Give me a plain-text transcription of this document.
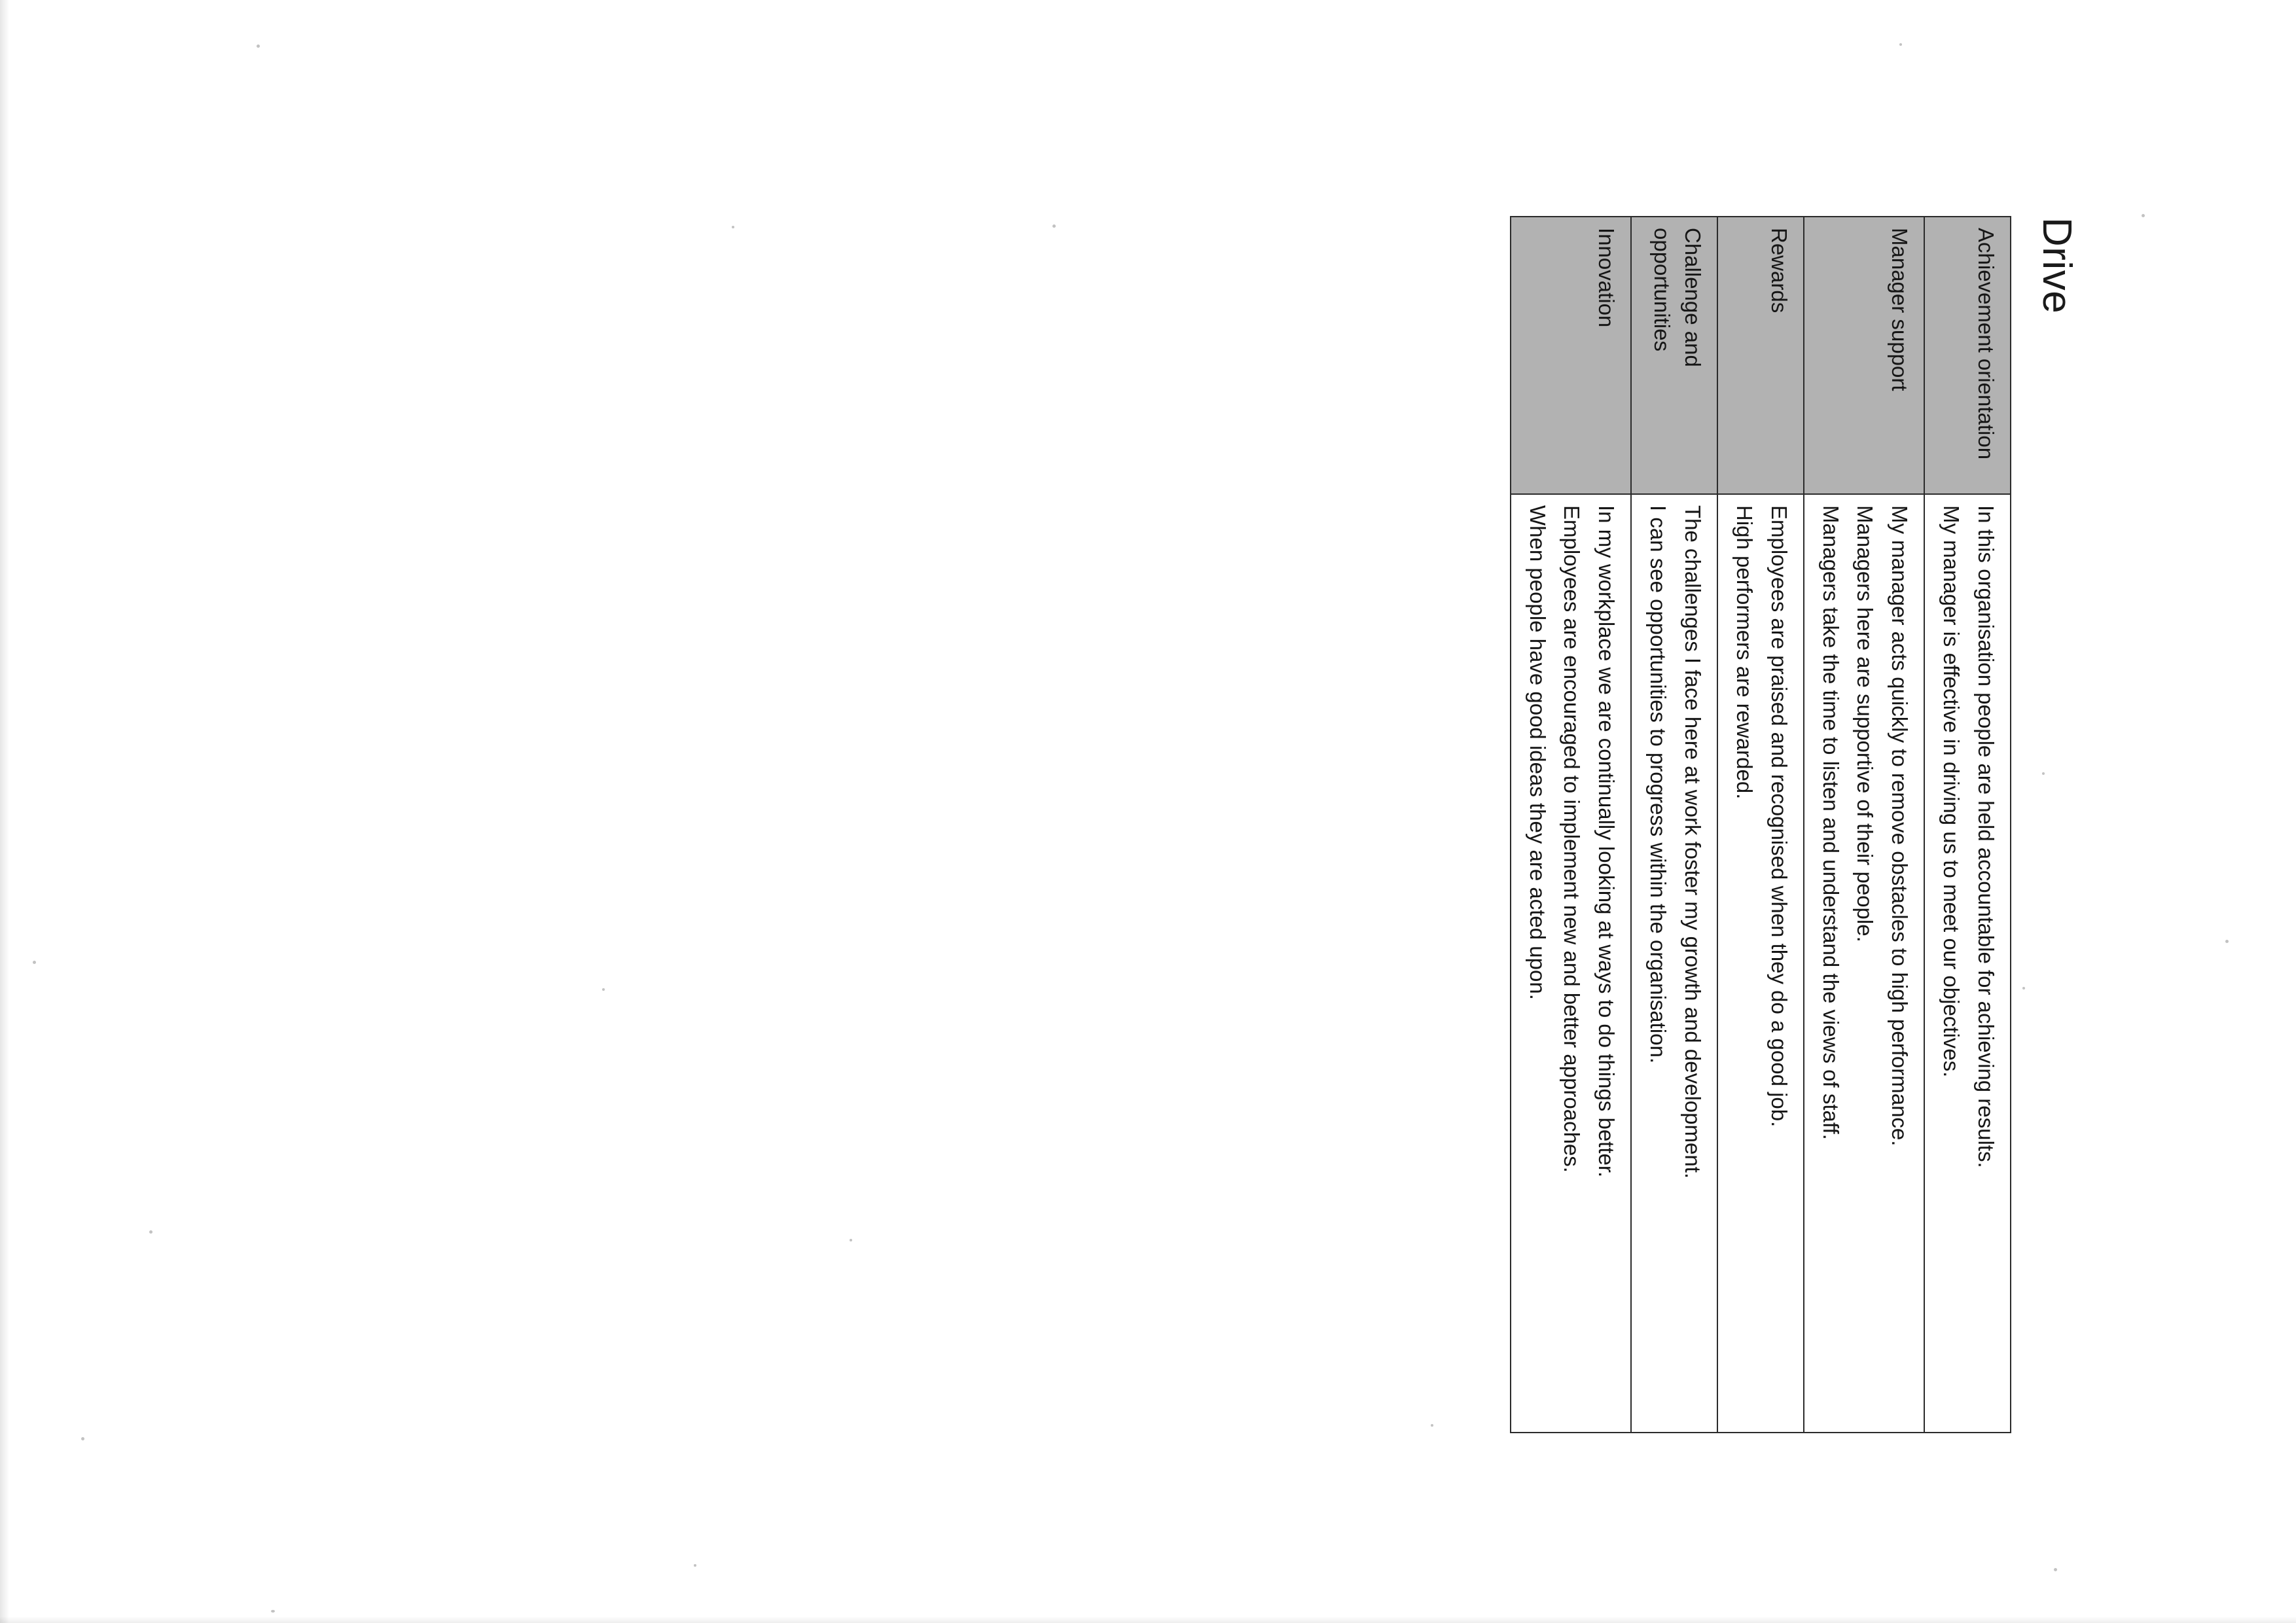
Drive
Achievement orientation	In this organisation people are held accountable for achieving results.

My manager is effective in driving us to meet our objectives.

Manager support	My manager acts quickly to remove obstacles to high performance.

Managers here are supportive of their people.

Managers take the time to listen and understand the views of staff.

Rewards	Employees are praised and recognised when they do a good job.

High performers are rewarded.

Challenge and opportunities	The challenges I face here at work foster my growth and development.

I can see opportunities to progress within the organisation.

Innovation	In my workplace we are continually looking at ways to do things better.

Employees are encouraged to implement new and better approaches.

When people have good ideas they are acted upon.
